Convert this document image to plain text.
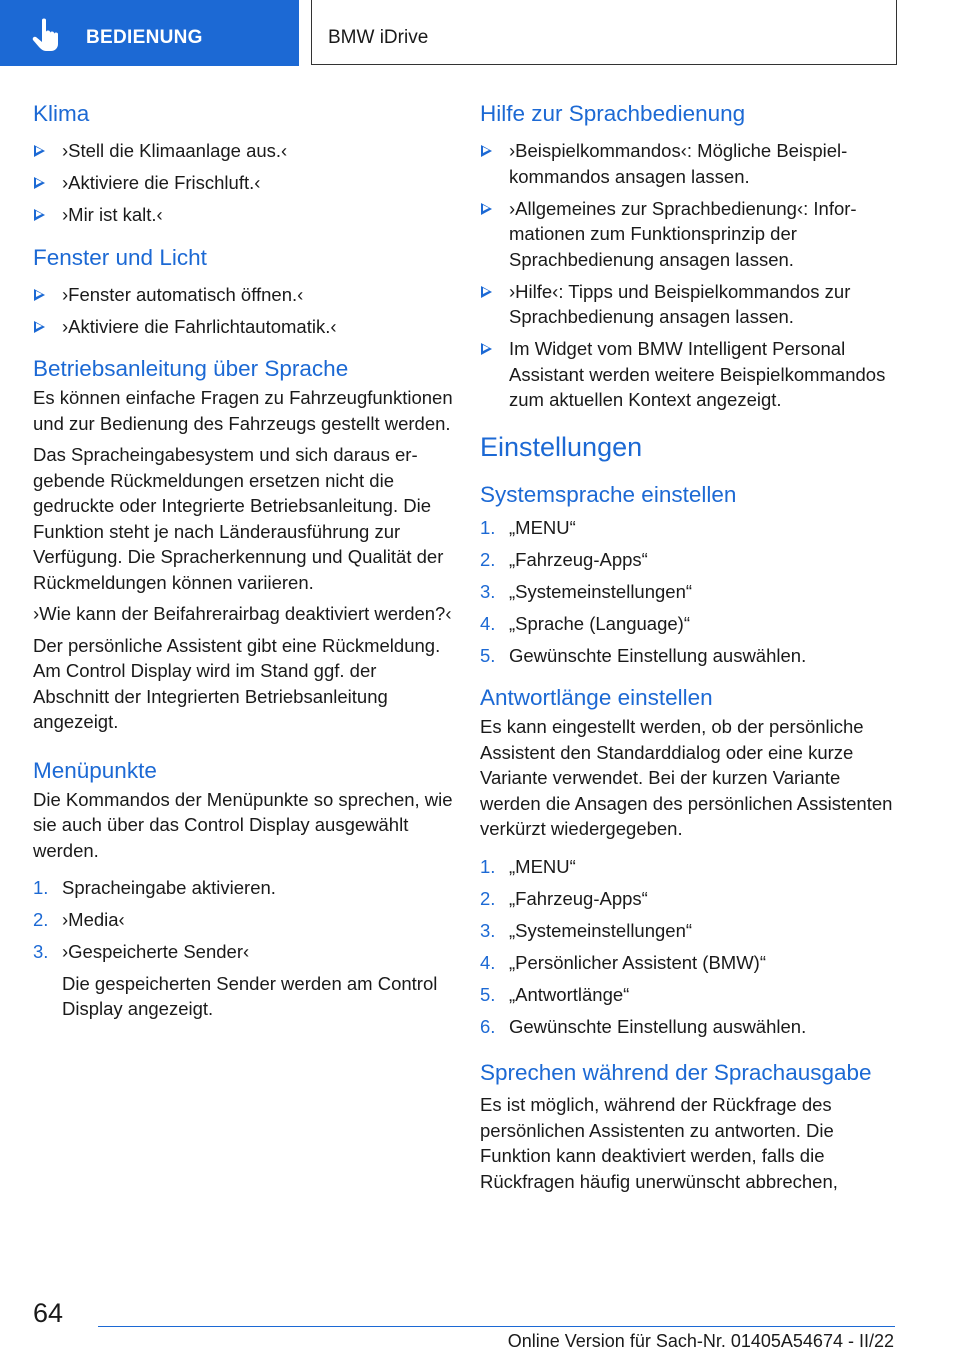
BEDIENUNG	BMW iDrive
Klima
›Stell die Klimaanlage aus.‹
›Aktiviere die Frischluft.‹
›Mir ist kalt.‹
Fenster und Licht
›Fenster automatisch öffnen.‹
›Aktiviere die Fahrlichtautomatik.‹
Betriebsanleitung über Sprache

Es können einfache Fragen zu Fahrzeugfunktionen und zur Bedienung des Fahrzeugs gestellt werden.

Das Spracheingabesystem und sich daraus ergebende Rückmeldungen ersetzen nicht die gedruckte oder Integrierte Betriebsanleitung. Die Funktion steht je nach Länderausführung zur Verfügung. Die Spracherkennung und Qualität der Rückmeldungen können variieren.

›Wie kann der Beifahrerairbag deaktiviert werden?‹

Der persönliche Assistent gibt eine Rückmeldung. Am Control Display wird im Stand ggf. der Abschnitt der Integrierten Betriebsanleitung angezeigt.

Menüpunkte

Die Kommandos der Menüpunkte so sprechen, wie sie auch über das Control Display ausgewählt werden.

1. Spracheingabe aktivieren.
2. ›Media‹
3. ›Gespeicherte Sender‹

Die gespeicherten Sender werden am Control Display angezeigt.

Hilfe zur Sprachbedienung
›Beispielkommandos‹: Mögliche Beispielkommandos ansagen lassen.
›Allgemeines zur Sprachbedienung‹: Informationen zum Funktionsprinzip der Sprachbedienung ansagen lassen.
›Hilfe‹: Tipps und Beispielkommandos zur Sprachbedienung ansagen lassen.
Im Widget vom BMW Intelligent Personal Assistant werden weitere Beispielkommandos zum aktuellen Kontext angezeigt.
Einstellungen
Systemsprache einstellen
1. „MENU“
2. „Fahrzeug-Apps“
3. „Systemeinstellungen“
4. „Sprache (Language)“
5. Gewünschte Einstellung auswählen.
Antwortlänge einstellen

Es kann eingestellt werden, ob der persönliche Assistent den Standarddialog oder eine kurze Variante verwendet. Bei der kurzen Variante werden die Ansagen des persönlichen Assistenten verkürzt wiedergegeben.

1. „MENU“
2. „Fahrzeug-Apps“
3. „Systemeinstellungen“
4. „Persönlicher Assistent (BMW)“
5. „Antwortlänge“
6. Gewünschte Einstellung auswählen.
Sprechen während der Sprachausgabe

Es ist möglich, während der Rückfrage des persönlichen Assistenten zu antworten. Die Funktion kann deaktiviert werden, falls die Rückfragen häufig unerwünscht abbrechen,

64
Online Version für Sach-Nr. 01405A54674 - II/22
